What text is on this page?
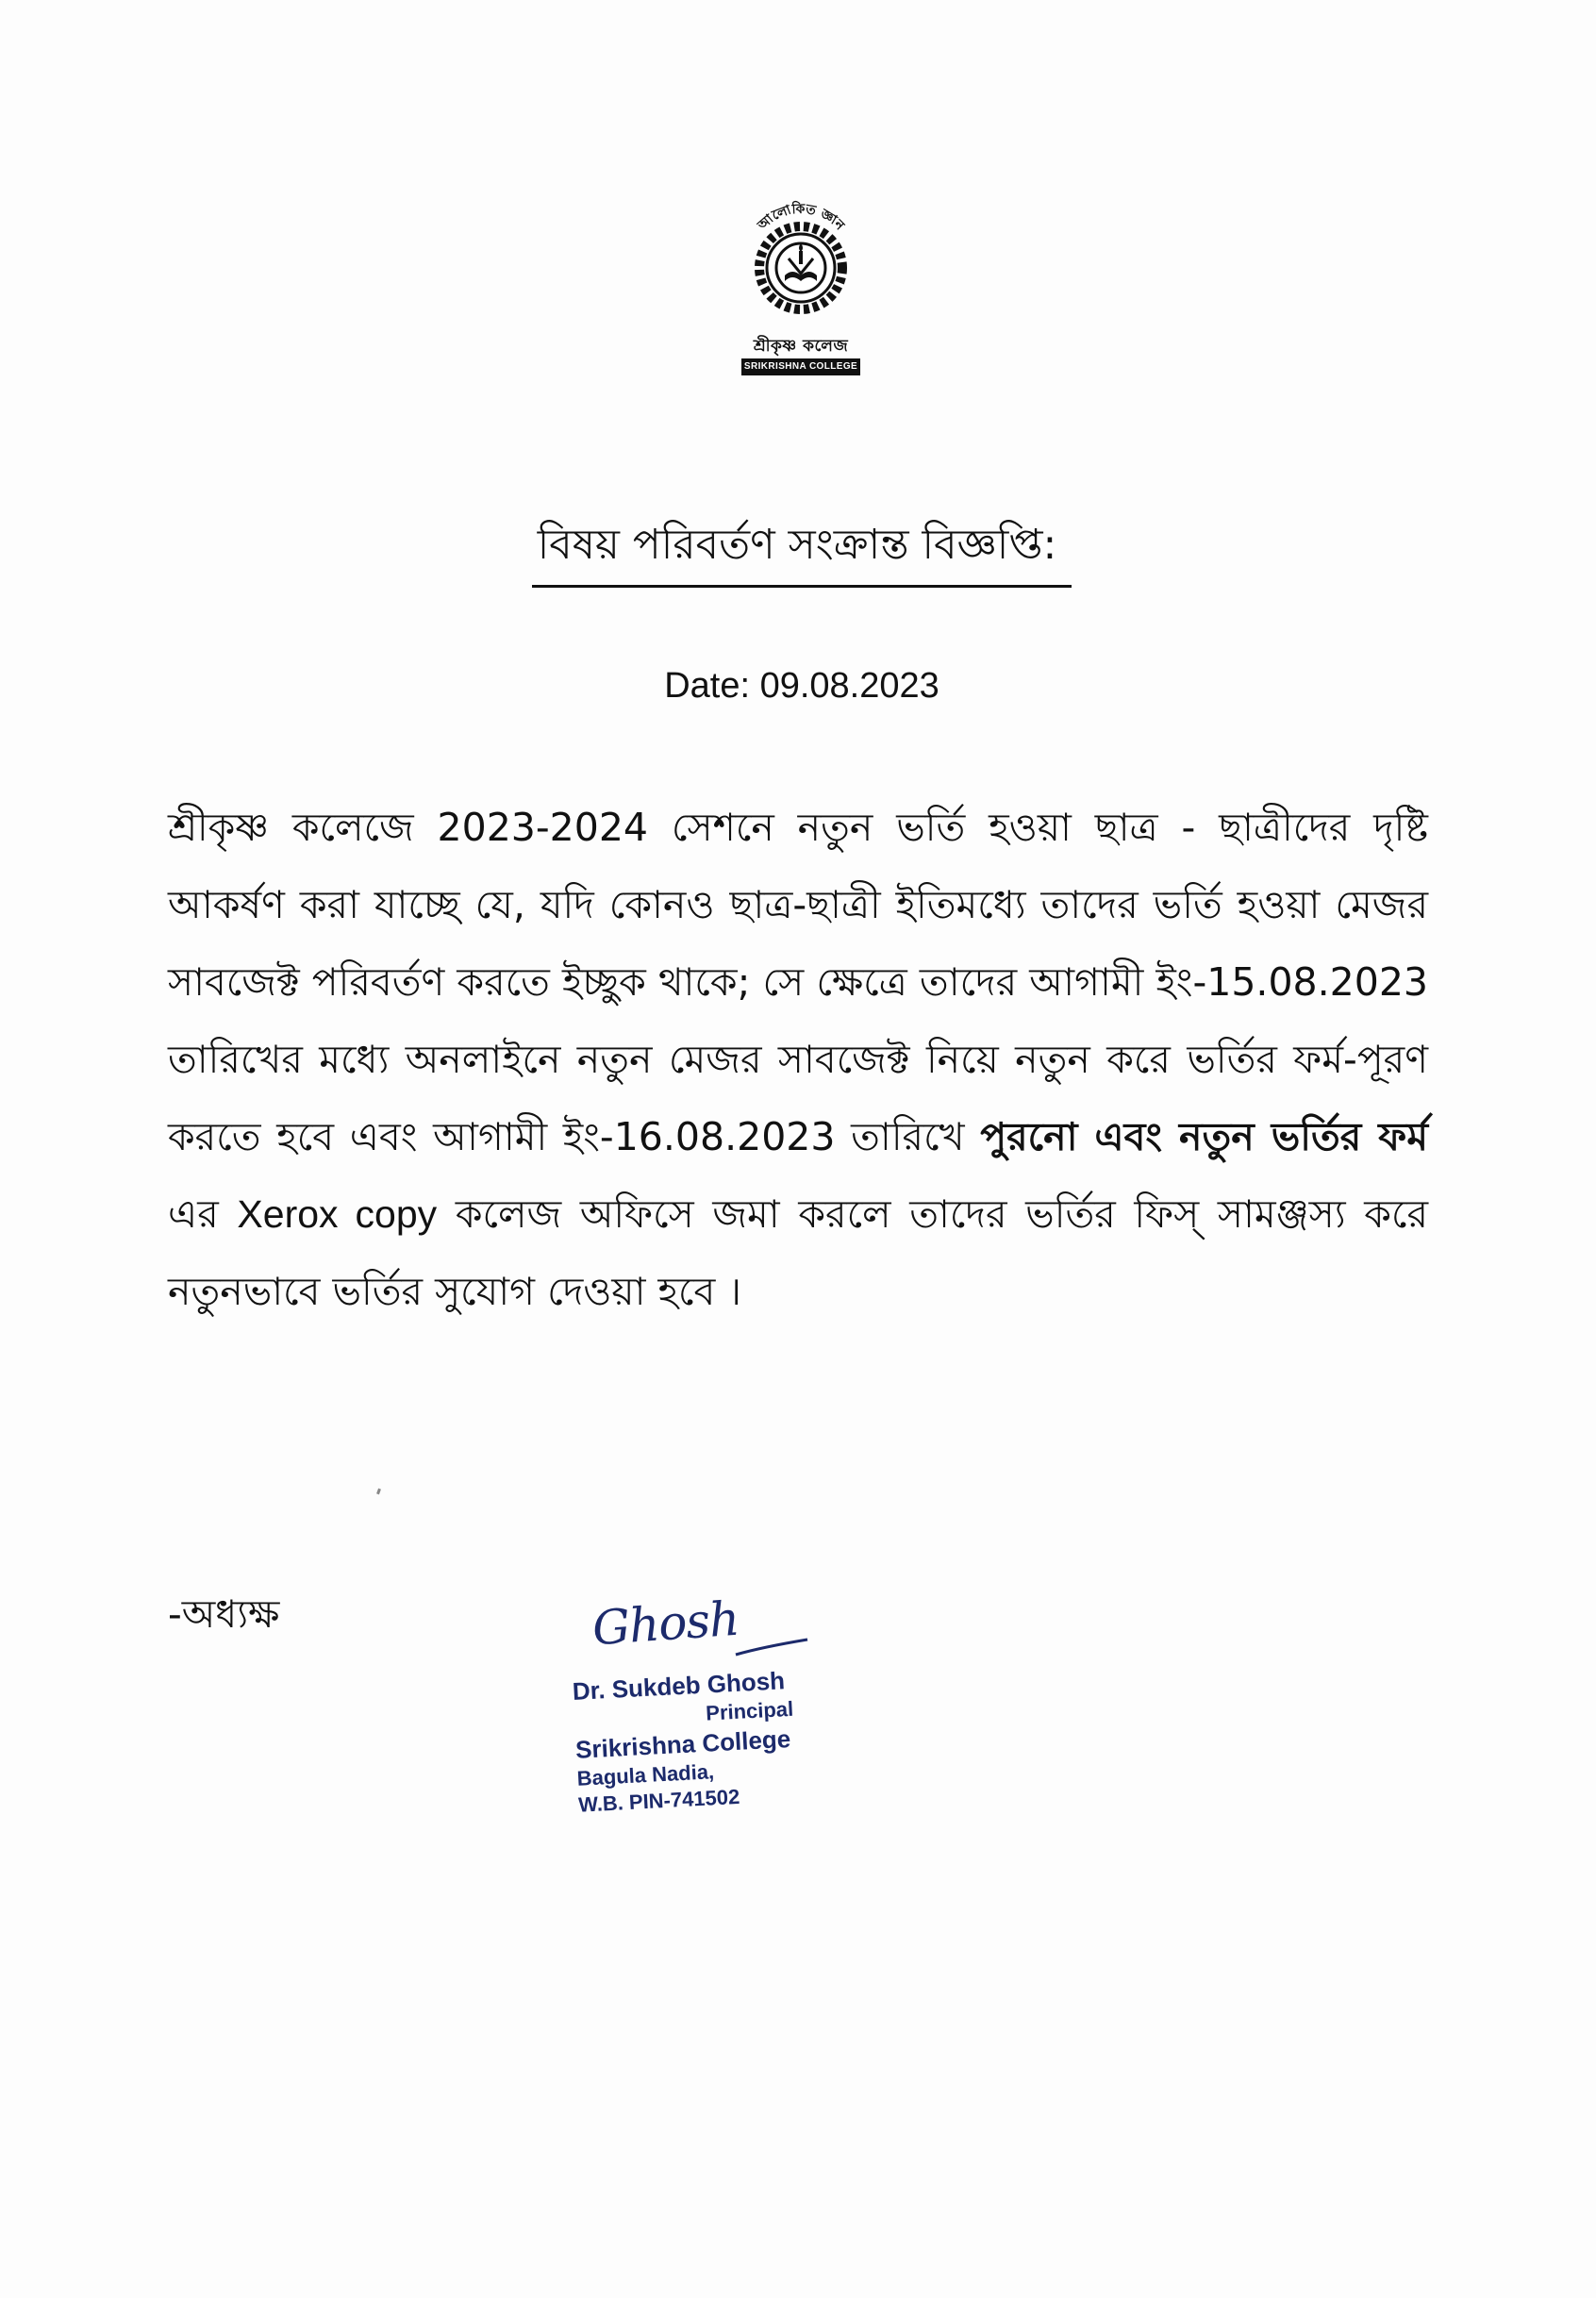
আলোকিত জ্ঞান
শ্রীকৃষ্ণ কলেজ
SRIKRISHNA COLLEGE
বিষয় পরিবর্তণ সংক্রান্ত বিজ্ঞপ্তি:
Date: 09.08.2023
শ্রীকৃষ্ণ কলেজে 2023-2024 সেশনে নতুন ভর্তি হওয়া ছাত্র - ছাত্রীদের দৃষ্টি আকর্ষণ করা যাচ্ছে যে, যদি কোনও ছাত্র-ছাত্রী ইতিমধ্যে তাদের ভর্তি হওয়া মেজর সাবজেক্ট পরিবর্তণ করতে ইচ্ছুক থাকে; সে ক্ষেত্রে তাদের আগামী ইং-15.08.2023 তারিখের মধ্যে অনলাইনে নতুন মেজর সাবজেক্ট নিয়ে নতুন করে ভর্তির ফর্ম-পূরণ করতে হবে এবং আগামী ইং-16.08.2023 তারিখে পুরনো এবং নতুন ভর্তির ফর্ম এর Xerox copy কলেজ অফিসে জমা করলে তাদের ভর্তির ফিস্ সামঞ্জস্য করে নতুনভাবে ভর্তির সুযোগ দেওয়া হবে ।
-অধ্যক্ষ	Ghosh
Dr. Sukdeb Ghosh
Principal
Srikrishna College
Bagula Nadia,
W.B. PIN-741502
